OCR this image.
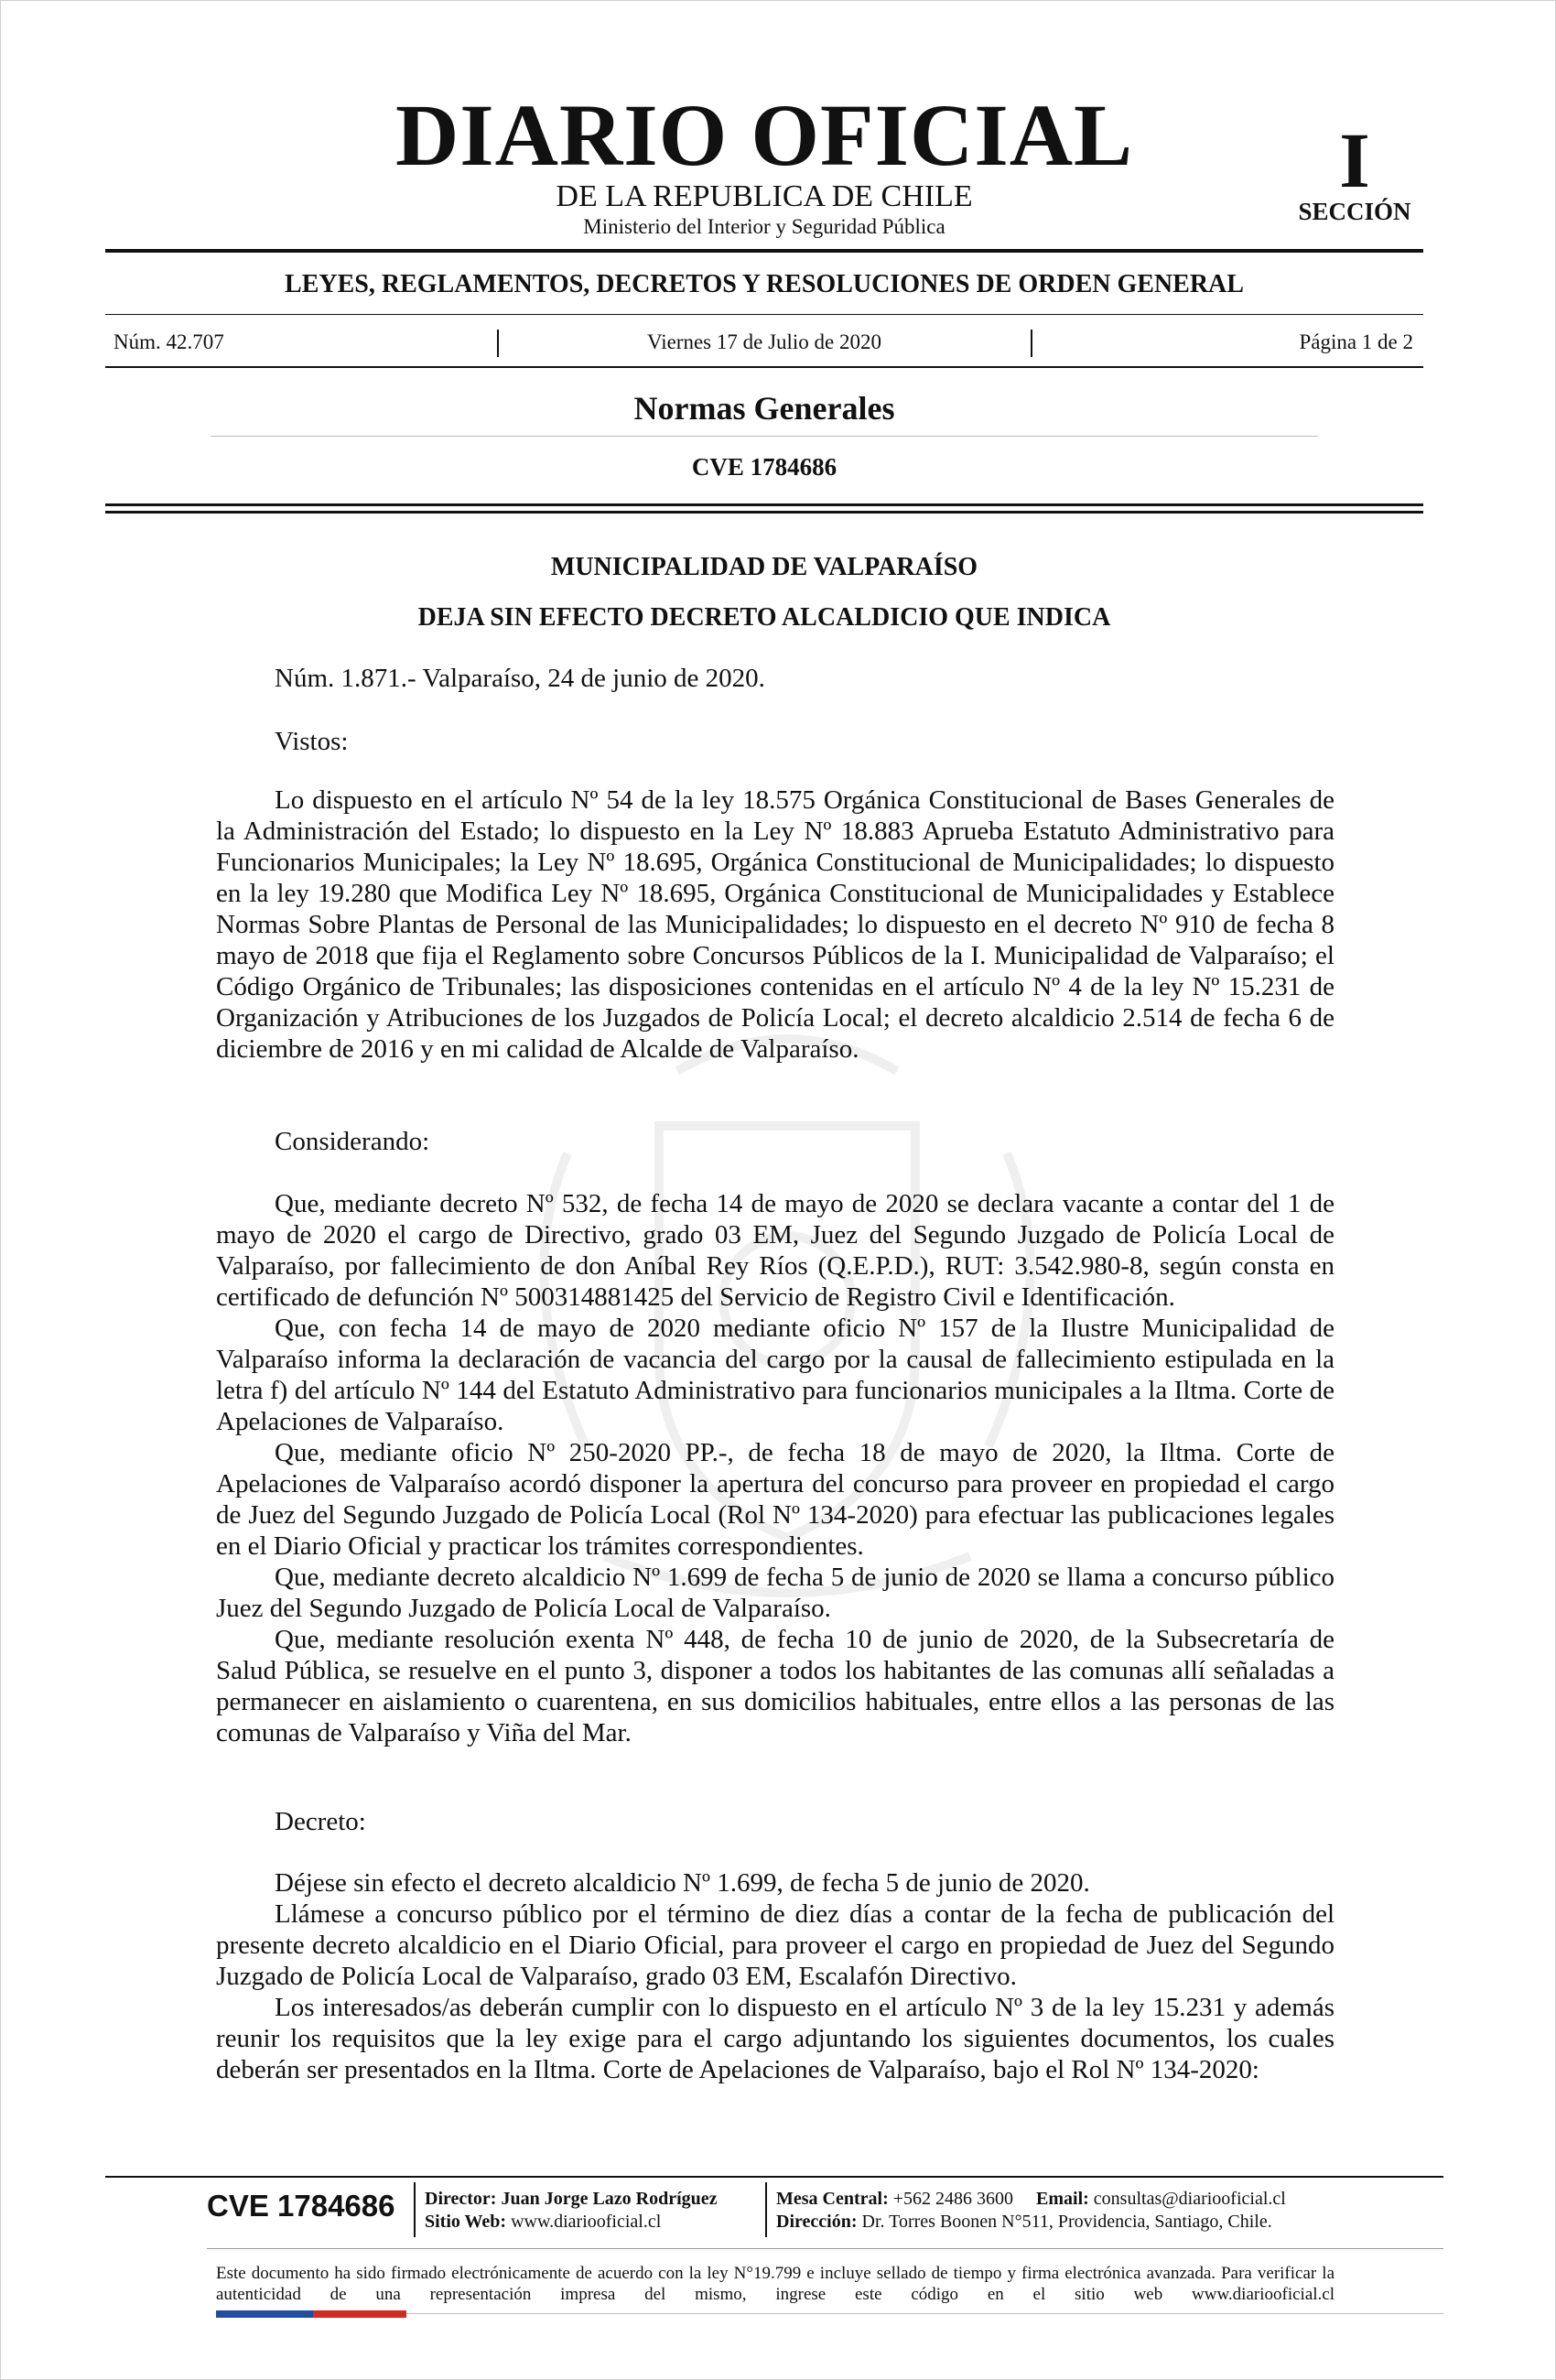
DIARIO OFICIAL
DE LA REPUBLICA DE CHILE
Ministerio del Interior y Seguridad Pública
I
SECCIÓN
LEYES, REGLAMENTOS, DECRETOS Y RESOLUCIONES DE ORDEN GENERAL
Núm. 42.707	Viernes 17 de Julio de 2020	Página 1 de 2
Normas Generales
CVE 1784686
MUNICIPALIDAD DE VALPARAÍSO
DEJA SIN EFECTO DECRETO ALCALDICIO QUE INDICA
Núm. 1.871.- Valparaíso, 24 de junio de 2020.
Vistos:

Lo dispuesto en el artículo Nº 54 de la ley 18.575 Orgánica Constitucional de Bases Generales de la Administración del Estado; lo dispuesto en la Ley Nº 18.883 Aprueba Estatuto Administrativo para Funcionarios Municipales; la Ley Nº 18.695, Orgánica Constitucional de Municipalidades; lo dispuesto en la ley 19.280 que Modifica Ley Nº 18.695, Orgánica Constitucional de Municipalidades y Establece Normas Sobre Plantas de Personal de las Municipalidades; lo dispuesto en el decreto Nº 910 de fecha 8 mayo de 2018 que fija el Reglamento sobre Concursos Públicos de la I. Municipalidad de Valparaíso; el Código Orgánico de Tribunales; las disposiciones contenidas en el artículo Nº 4 de la ley Nº 15.231 de Organización y Atribuciones de los Juzgados de Policía Local; el decreto alcaldicio 2.514 de fecha 6 de diciembre de 2016 y en mi calidad de Alcalde de Valparaíso.

Considerando:

Que, mediante decreto Nº 532, de fecha 14 de mayo de 2020 se declara vacante a contar del 1 de mayo de 2020 el cargo de Directivo, grado 03 EM, Juez del Segundo Juzgado de Policía Local de Valparaíso, por fallecimiento de don Aníbal Rey Ríos (Q.E.P.D.), RUT: 3.542.980-8, según consta en certificado de defunción Nº 500314881425 del Servicio de Registro Civil e Identificación.

Que, con fecha 14 de mayo de 2020 mediante oficio Nº 157 de la Ilustre Municipalidad de Valparaíso informa la declaración de vacancia del cargo por la causal de fallecimiento estipulada en la letra f) del artículo Nº 144 del Estatuto Administrativo para funcionarios municipales a la Iltma. Corte de Apelaciones de Valparaíso.

Que, mediante oficio Nº 250-2020 PP.-, de fecha 18 de mayo de 2020, la Iltma. Corte de Apelaciones de Valparaíso acordó disponer la apertura del concurso para proveer en propiedad el cargo de Juez del Segundo Juzgado de Policía Local (Rol Nº 134-2020) para efectuar las publicaciones legales en el Diario Oficial y practicar los trámites correspondientes.

Que, mediante decreto alcaldicio Nº 1.699 de fecha 5 de junio de 2020 se llama a concurso público Juez del Segundo Juzgado de Policía Local de Valparaíso.

Que, mediante resolución exenta Nº 448, de fecha 10 de junio de 2020, de la Subsecretaría de Salud Pública, se resuelve en el punto 3, disponer a todos los habitantes de las comunas allí señaladas a permanecer en aislamiento o cuarentena, en sus domicilios habituales, entre ellos a las personas de las comunas de Valparaíso y Viña del Mar.

Decreto:

Déjese sin efecto el decreto alcaldicio Nº 1.699, de fecha 5 de junio de 2020.

Llámese a concurso público por el término de diez días a contar de la fecha de publicación del presente decreto alcaldicio en el Diario Oficial, para proveer el cargo en propiedad de Juez del Segundo Juzgado de Policía Local de Valparaíso, grado 03 EM, Escalafón Directivo.

Los interesados/as deberán cumplir con lo dispuesto en el artículo Nº 3 de la ley 15.231 y además reunir los requisitos que la ley exige para el cargo adjuntando los siguientes documentos, los cuales deberán ser presentados en la Iltma. Corte de Apelaciones de Valparaíso, bajo el Rol Nº 134-2020:

CVE 1784686 Director: Juan Jorge Lazo Rodríguez
Sitio Web: www.diariooficial.cl
Mesa Central: +562 2486 3600 Email: consultas@diariooficial.cl
Dirección: Dr. Torres Boonen N°511, Providencia, Santiago, Chile.
Este documento ha sido firmado electrónicamente de acuerdo con la ley N°19.799 e incluye sellado de tiempo y firma electrónica avanzada. Para verificar la autenticidad de una representación impresa del mismo, ingrese este código en el sitio web www.diariooficial.cl
